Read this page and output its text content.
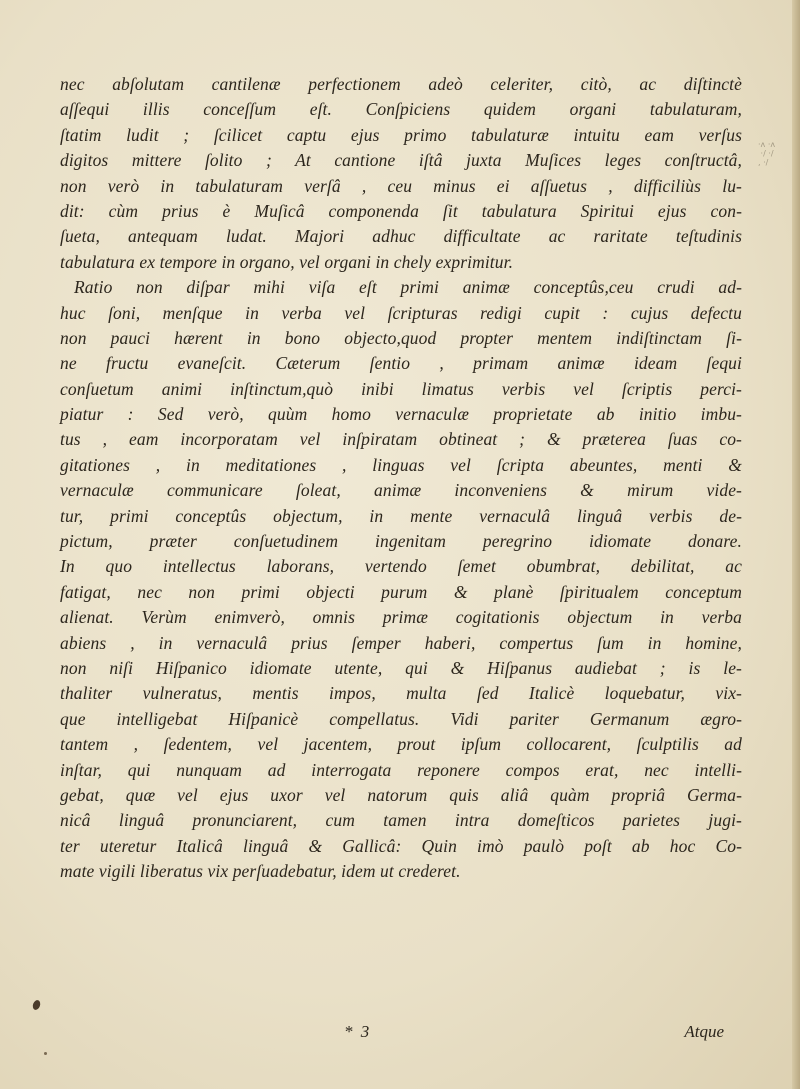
·ʌ ·ʌ
·/ ·/
, ·/
nec abſolutam cantilenæ perfectionem adeò celeriter, citò, ac diſtinctè
aſſequi illis conceſſum eſt. Conſpiciens quidem organi tabulaturam,
ſtatim ludit ; ſcilicet captu ejus primo tabulaturæ intuitu eam verſus
digitos mittere ſolito ; At cantione iſtâ juxta Muſices leges conſtructâ,
non verò in tabulaturam verſâ , ceu minus ei aſſuetus , difficiliùs lu-
dit: cùm prius è Muſicâ componenda ſit tabulatura Spiritui ejus con-
ſueta, antequam ludat. Majori adhuc difficultate ac raritate teſtudinis
tabulatura ex tempore in organo, vel organi in chely exprimitur.
Ratio non diſpar mihi viſa eſt primi animæ conceptûs,ceu crudi ad-
huc ſoni, menſque in verba vel ſcripturas redigi cupit : cujus defectu
non pauci hærent in bono objecto,quod propter mentem indiſtinctam ſi-
ne fructu evaneſcit. Cæterum ſentio , primam animæ ideam ſequi
conſuetum animi inſtinctum,quò inibi limatus verbis vel ſcriptis perci-
piatur : Sed verò, quùm homo vernaculæ proprietate ab initio imbu-
tus , eam incorporatam vel inſpiratam obtineat ; & præterea ſuas co-
gitationes , in meditationes , linguas vel ſcripta abeuntes, menti &
vernaculæ communicare ſoleat, animæ inconveniens & mirum vide-
tur, primi conceptûs objectum, in mente vernaculâ linguâ verbis de-
pictum, præter conſuetudinem ingenitam peregrino idiomate donare.
In quo intellectus laborans, vertendo ſemet obumbrat, debilitat, ac
fatigat, nec non primi objecti purum & planè ſpiritualem conceptum
alienat. Verùm enimverò, omnis primæ cogitationis objectum in verba
abiens , in vernaculâ prius ſemper haberi, compertus ſum in homine,
non niſi Hiſpanico idiomate utente, qui & Hiſpanus audiebat ; is le-
thaliter vulneratus, mentis impos, multa ſed Italicè loquebatur, vix-
que intelligebat Hiſpanicè compellatus. Vidi pariter Germanum ægro-
tantem , ſedentem, vel jacentem, prout ipſum collocarent, ſculptilis ad
inſtar, qui nunquam ad interrogata reponere compos erat, nec intelli-
gebat, quæ vel ejus uxor vel natorum quis aliâ quàm propriâ Germa-
nicâ linguâ pronunciarent, cum tamen intra domeſticos parietes jugi-
ter uteretur Italicâ linguâ & Gallicâ: Quin imò paulò poſt ab hoc Co-
mate vigili liberatus vix perſuadebatur, idem ut crederet.
* 3	Atque
